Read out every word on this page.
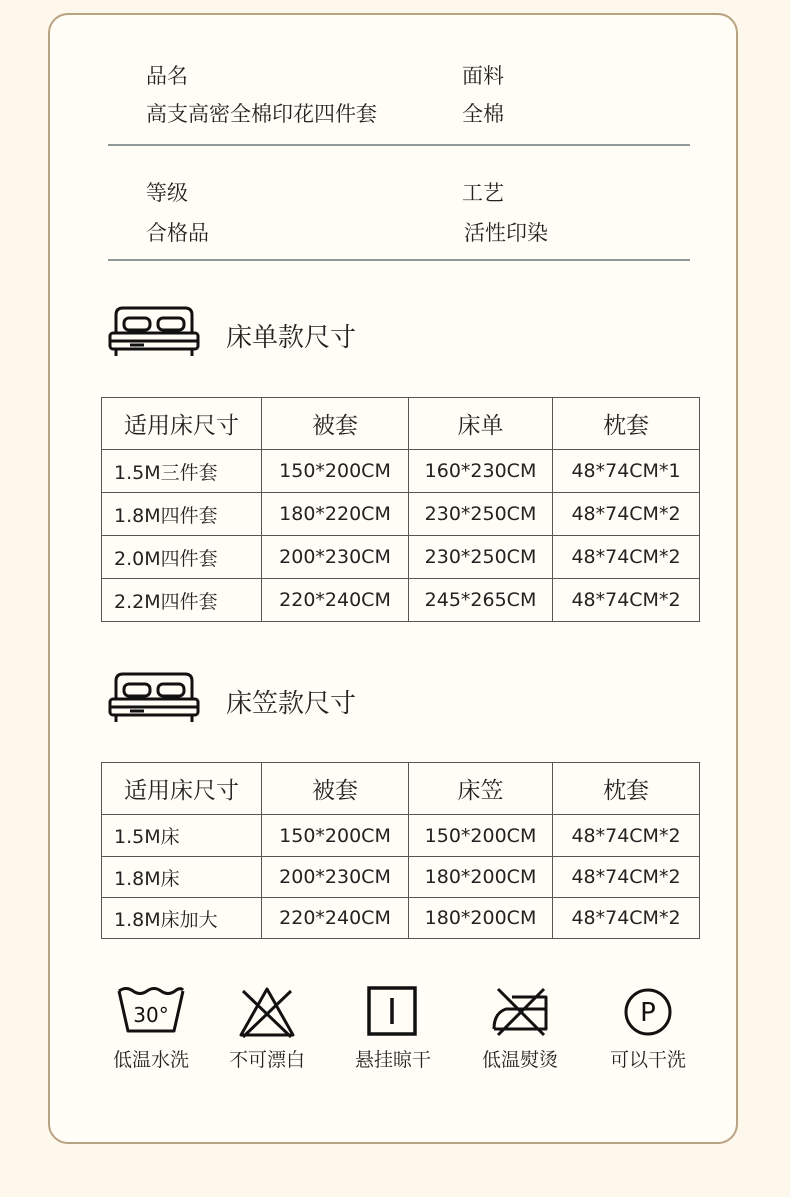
品名
高支高密全棉印花四件套
面料
全棉
等级
合格品
工艺
活性印染
床单款尺寸
适用床尺寸	被套	床单	枕套
1.5M三件套	150*200CM	160*230CM	48*74CM*1
1.8M四件套	180*220CM	230*250CM	48*74CM*2
2.0M四件套	200*230CM	230*250CM	48*74CM*2
2.2M四件套	220*240CM	245*265CM	48*74CM*2
床笠款尺寸
适用床尺寸	被套	床笠	枕套
1.5M床	150*200CM	150*200CM	48*74CM*2
1.8M床	200*230CM	180*200CM	48*74CM*2
1.8M床加大	220*240CM	180*200CM	48*74CM*2
30°
低温水洗	不可漂白	悬挂晾干	低温熨烫
P
可以干洗
